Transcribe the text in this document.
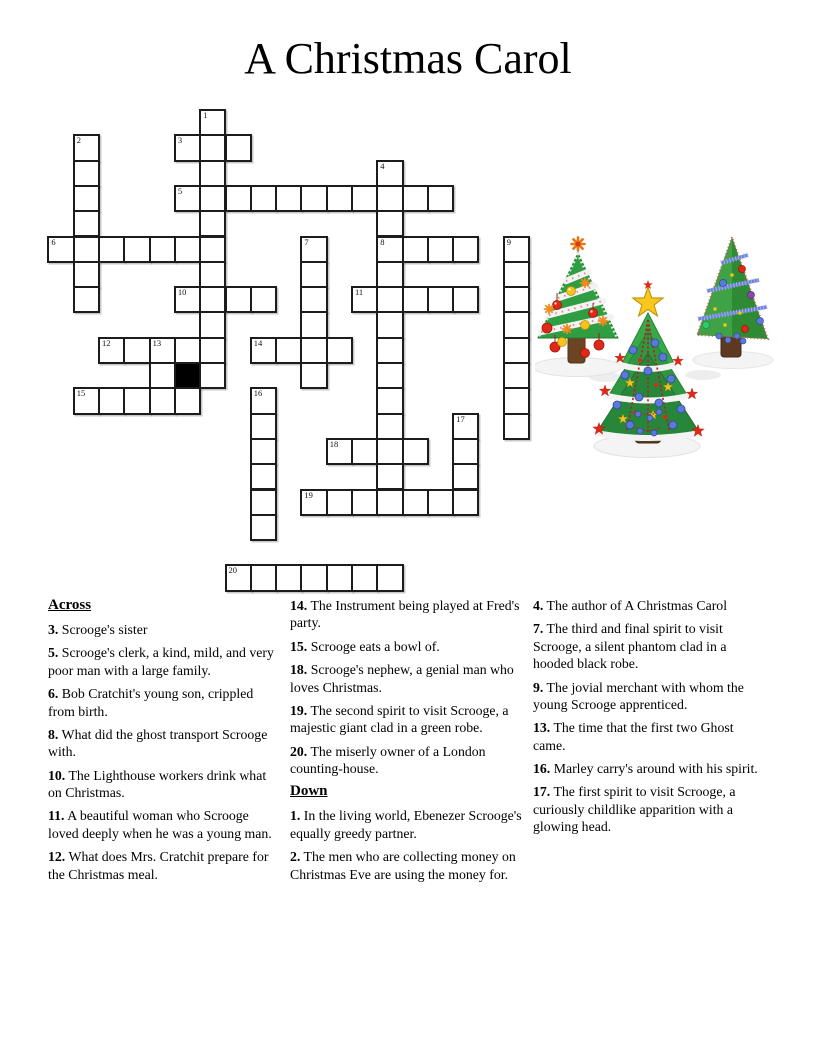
A Christmas Carol
1
2	3
4
5
6	7	8	9
10	11
12	13	14
15	16
17
18
19
20
Across

3. Scrooge's sister

5. Scrooge's clerk, a kind, mild, and very poor man with a large family.

6. Bob Cratchit's young son, crippled from birth.

8. What did the ghost transport Scrooge with.

10. The Lighthouse workers drink what on Christmas.

11. A beautiful woman who Scrooge loved deeply when he was a young man.

12. What does Mrs. Cratchit prepare for the Christmas meal.

14. The Instrument being played at Fred's party.

15. Scrooge eats a bowl of.

18. Scrooge's nephew, a genial man who loves Christmas.

19. The second spirit to visit Scrooge, a majestic giant clad in a green robe.

20. The miserly owner of a London counting-house.

Down

1. In the living world, Ebenezer Scrooge's equally greedy partner.

2. The men who are collecting money on Christmas Eve are using the money for.

4. The author of A Christmas Carol

7. The third and final spirit to visit Scrooge, a silent phantom clad in a hooded black robe.

9. The jovial merchant with whom the young Scrooge apprenticed.

13. The time that the first two Ghost came.

16. Marley carry's around with his spirit.

17. The first spirit to visit Scrooge, a curiously childlike apparition with a glowing head.
